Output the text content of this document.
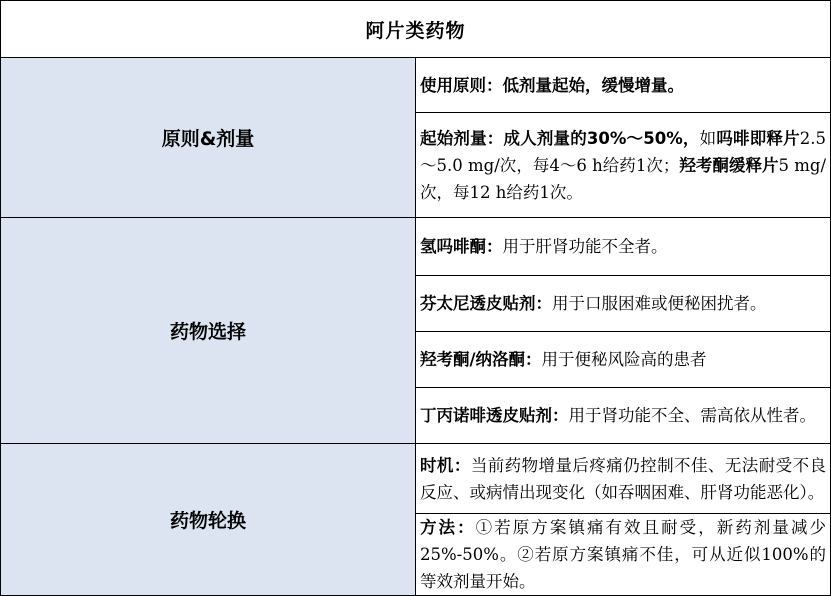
阿片类药物	
原则&剂量	使用原则：低剂量起始，缓慢增量。
	起始剂量：成人剂量的30%～50%，如吗啡即释片2.5～5.0 mg/次，每4～6 h给药1次；羟考酮缓释片5 mg/次，每12 h给药1次。
药物选择	氢吗啡酮：用于肝肾功能不全者。
	芬太尼透皮贴剂：用于口服困难或便秘困扰者。
	羟考酮/纳洛酮：用于便秘风险高的患者
	丁丙诺啡透皮贴剂：用于肾功能不全、需高依从性者。
药物轮换	时机：当前药物增量后疼痛仍控制不佳、无法耐受不良反应、或病情出现变化（如吞咽困难、肝肾功能恶化）。
	方法：①若原方案镇痛有效且耐受，新药剂量减少25%-50%。②若原方案镇痛不佳，可从近似100%的等效剂量开始。
